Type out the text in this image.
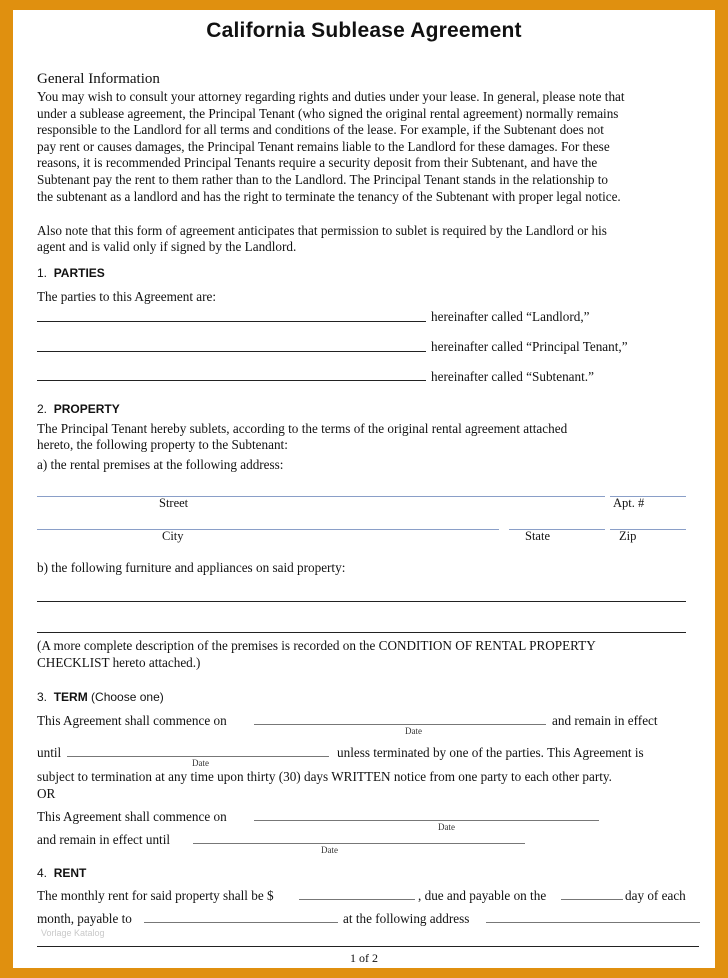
California Sublease Agreement
General Information
You may wish to consult your attorney regarding rights and duties under your lease. In general, please note that
under a sublease agreement, the Principal Tenant (who signed the original rental agreement) normally remains
responsible to the Landlord for all terms and conditions of the lease. For example, if the Subtenant does not
pay rent or causes damages, the Principal Tenant remains liable to the Landlord for these damages. For these
reasons, it is recommended Principal Tenants require a security deposit from their Subtenant, and have the
Subtenant pay the rent to them rather than to the Landlord. The Principal Tenant stands in the relationship to
the subtenant as a landlord and has the right to terminate the tenancy of the Subtenant with proper legal notice.
Also note that this form of agreement anticipates that permission to sublet is required by the Landlord or his
agent and is valid only if signed by the Landlord.
1. PARTIES
The parties to this Agreement are:
hereinafter called “Landlord,”
hereinafter called “Principal Tenant,”
hereinafter called “Subtenant.”
2. PROPERTY
The Principal Tenant hereby sublets, according to the terms of the original rental agreement attached
hereto, the following property to the Subtenant:
a) the rental premises at the following address:
Street	Apt. #
City	State	Zip
b) the following furniture and appliances on said property:
(A more complete description of the premises is recorded on the CONDITION OF RENTAL PROPERTY
CHECKLIST hereto attached.)
3. TERM (Choose one)
This Agreement shall commence on
Date
and remain in effect
until
Date
unless terminated by one of the parties. This Agreement is
subject to termination at any time upon thirty (30) days WRITTEN notice from one party to each other party.
OR
This Agreement shall commence on
Date
and remain in effect until
Date
4. RENT
The monthly rent for said property shall be $	, due and payable on the	day of each
month, payable to	at the following address
Vorlage Katalog
1 of 2
